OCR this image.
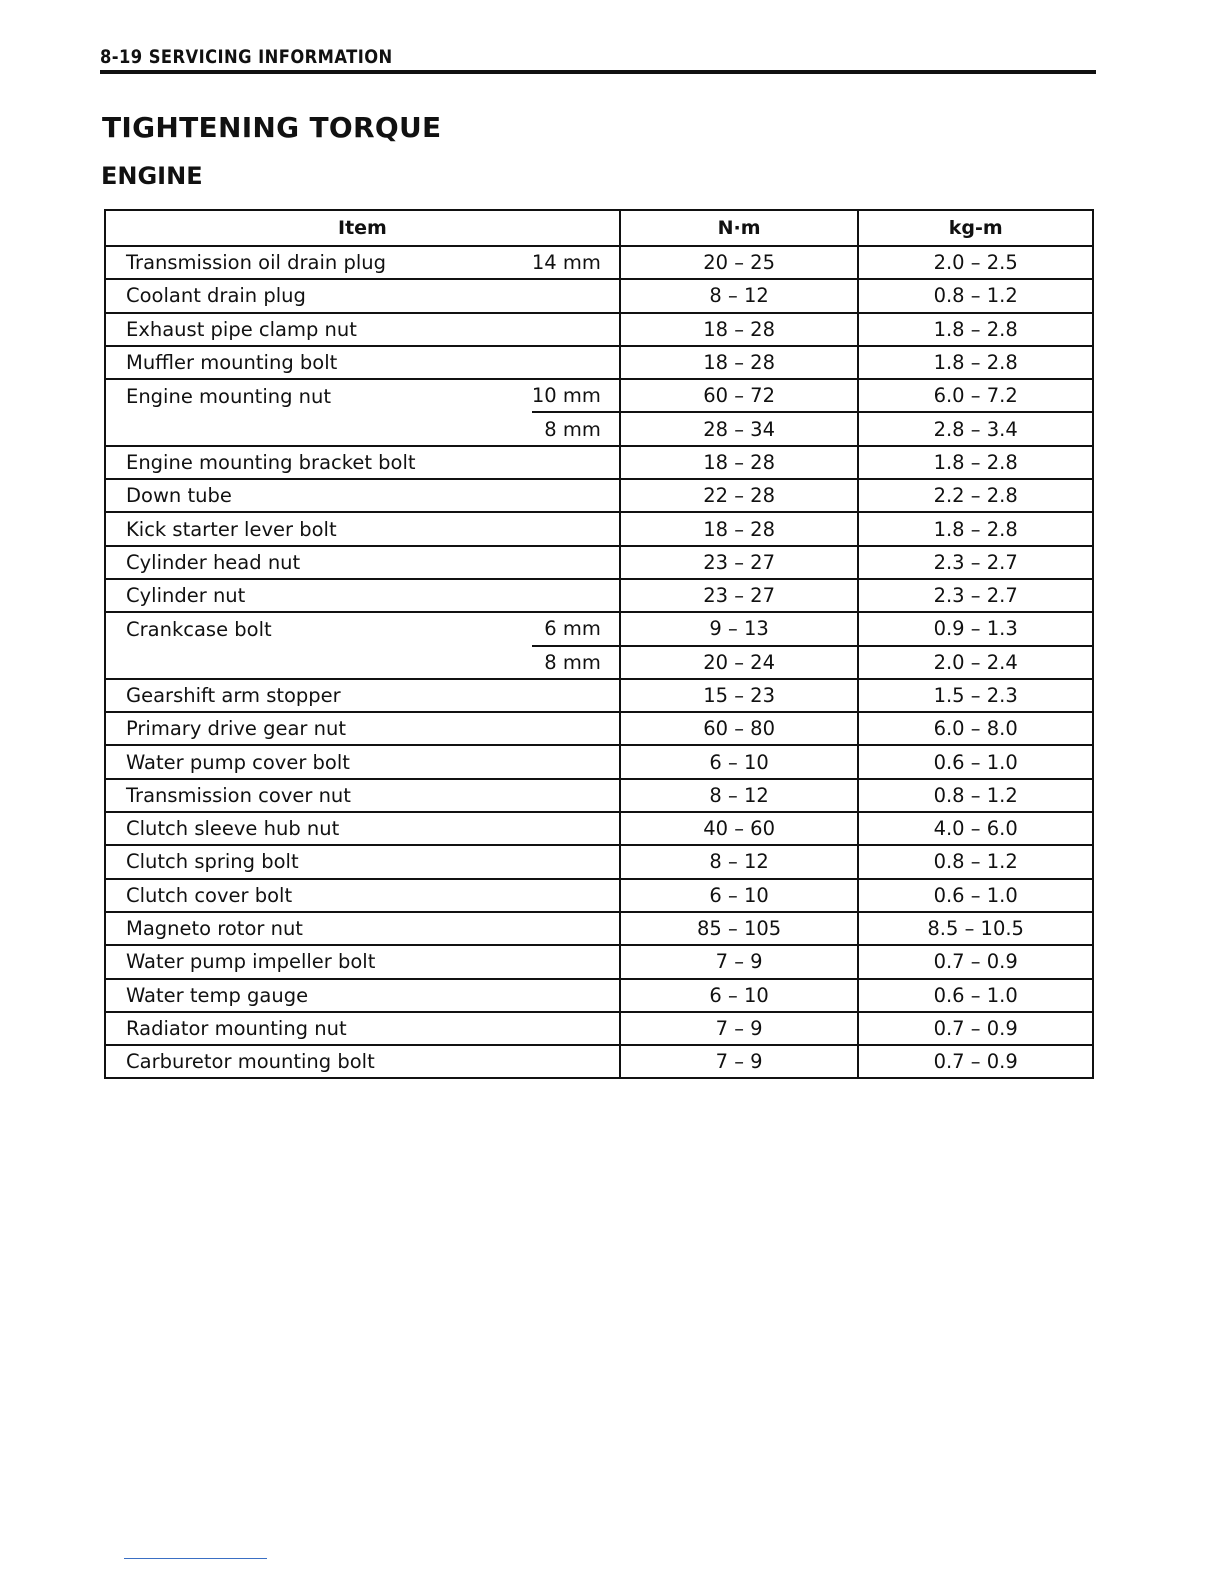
8-19 SERVICING INFORMATION
TIGHTENING TORQUE
ENGINE
Item		N·m	kg-m
Transmission oil drain plug	14 mm	20 – 25	2.0 – 2.5
Coolant drain plug		8 – 12	0.8 – 1.2
Exhaust pipe clamp nut		18 – 28	1.8 – 2.8
Muffler mounting bolt		18 – 28	1.8 – 2.8
Engine mounting nut	10 mm	60 – 72	6.0 – 7.2
	8 mm	28 – 34	2.8 – 3.4
Engine mounting bracket bolt		18 – 28	1.8 – 2.8
Down tube		22 – 28	2.2 – 2.8
Kick starter lever bolt		18 – 28	1.8 – 2.8
Cylinder head nut		23 – 27	2.3 – 2.7
Cylinder nut		23 – 27	2.3 – 2.7
Crankcase bolt	6 mm	9 – 13	0.9 – 1.3
	8 mm	20 – 24	2.0 – 2.4
Gearshift arm stopper		15 – 23	1.5 – 2.3
Primary drive gear nut		60 – 80	6.0 – 8.0
Water pump cover bolt		6 – 10	0.6 – 1.0
Transmission cover nut		8 – 12	0.8 – 1.2
Clutch sleeve hub nut		40 – 60	4.0 – 6.0
Clutch spring bolt		8 – 12	0.8 – 1.2
Clutch cover bolt		6 – 10	0.6 – 1.0
Magneto rotor nut		85 – 105	8.5 – 10.5
Water pump impeller bolt		7 – 9	0.7 – 0.9
Water temp gauge		6 – 10	0.6 – 1.0
Radiator mounting nut		7 – 9	0.7 – 0.9
Carburetor mounting bolt		7 – 9	0.7 – 0.9
